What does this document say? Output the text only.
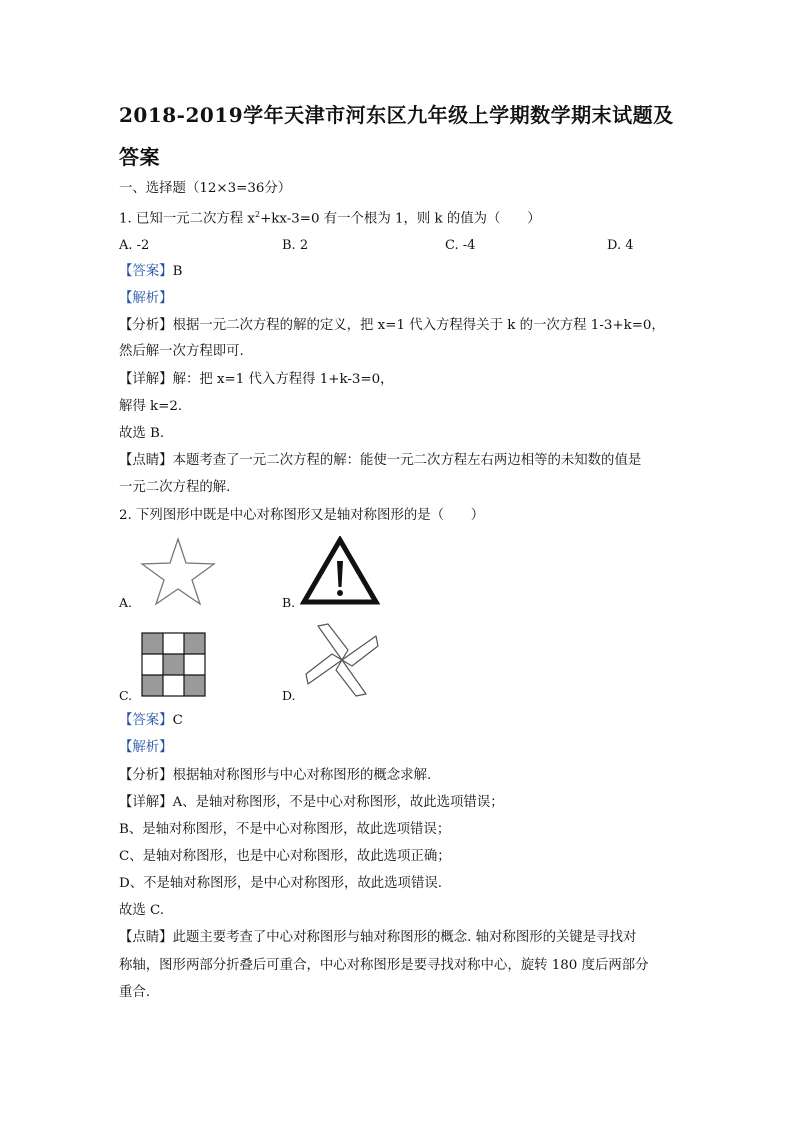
2018-2019学年天津市河东区九年级上学期数学期末试题及
答案
一、选择题（12×3=36分）
1. 已知一元二次方程 $x^2+kx-3=0$ 有一个根为 1，则 k 的值为（　　）
A. -2	B. 2	C. -4	D. 4
【答案】B
【解析】
【分析】根据一元二次方程的解的定义，把 x=1 代入方程得关于 k 的一次方程 1-3+k=0，
然后解一次方程即可.
【详解】解：把 x=1 代入方程得 1+k-3=0，
解得 k=2.
故选 B.
【点睛】本题考查了一元二次方程的解：能使一元二次方程左右两边相等的未知数的值是
一元二次方程的解.
2. 下列图形中既是中心对称图形又是轴对称图形的是（　　）
A.	B.
C.	D.
【答案】C
【解析】
【分析】根据轴对称图形与中心对称图形的概念求解.
【详解】A、是轴对称图形，不是中心对称图形，故此选项错误；
B、是轴对称图形，不是中心对称图形，故此选项错误；
C、是轴对称图形，也是中心对称图形，故此选项正确；
D、不是轴对称图形，是中心对称图形，故此选项错误.
故选 C.
【点睛】此题主要考查了中心对称图形与轴对称图形的概念. 轴对称图形的关键是寻找对
称轴，图形两部分折叠后可重合，中心对称图形是要寻找对称中心，旋转 180 度后两部分
重合.
